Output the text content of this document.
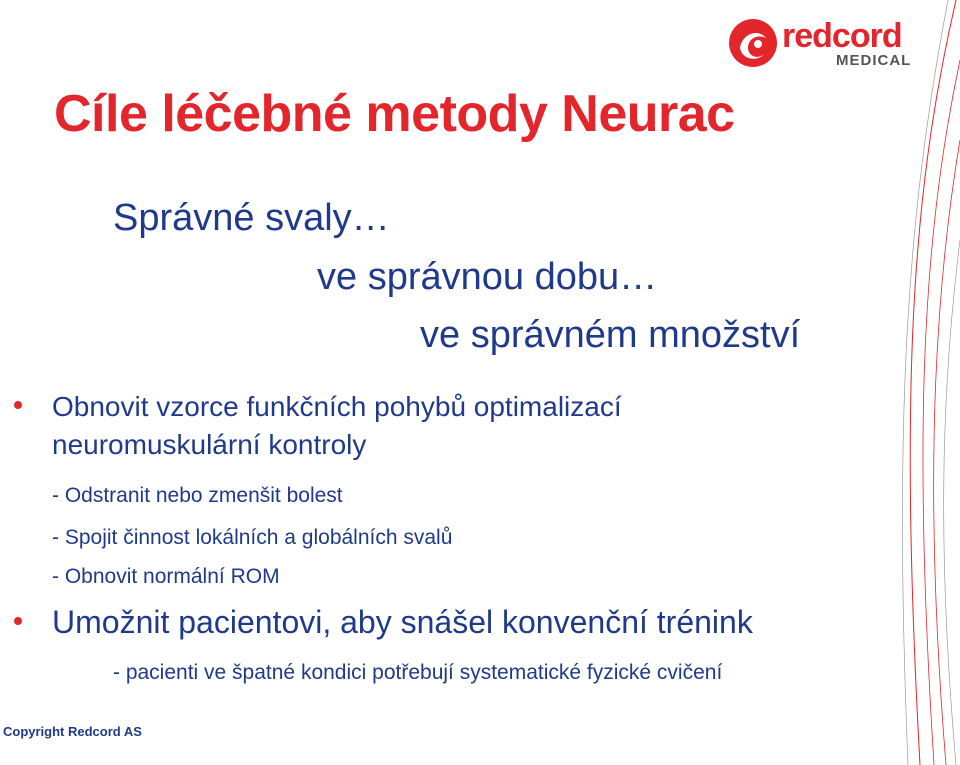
redcord
MEDICAL
Cíle léčebné metody Neurac
Správné svaly…
ve správnou dobu…
ve správném množství
Obnovit vzorce funkčních pohybů optimalizací neuromuskulární kontroly
- Odstranit nebo zmenšit bolest
- Spojit činnost lokálních a globálních svalů
- Obnovit normální ROM
Umožnit pacientovi, aby snášel konvenční trénink
- pacienti ve špatné kondici potřebují systematické fyzické cvičení
Copyright Redcord AS
